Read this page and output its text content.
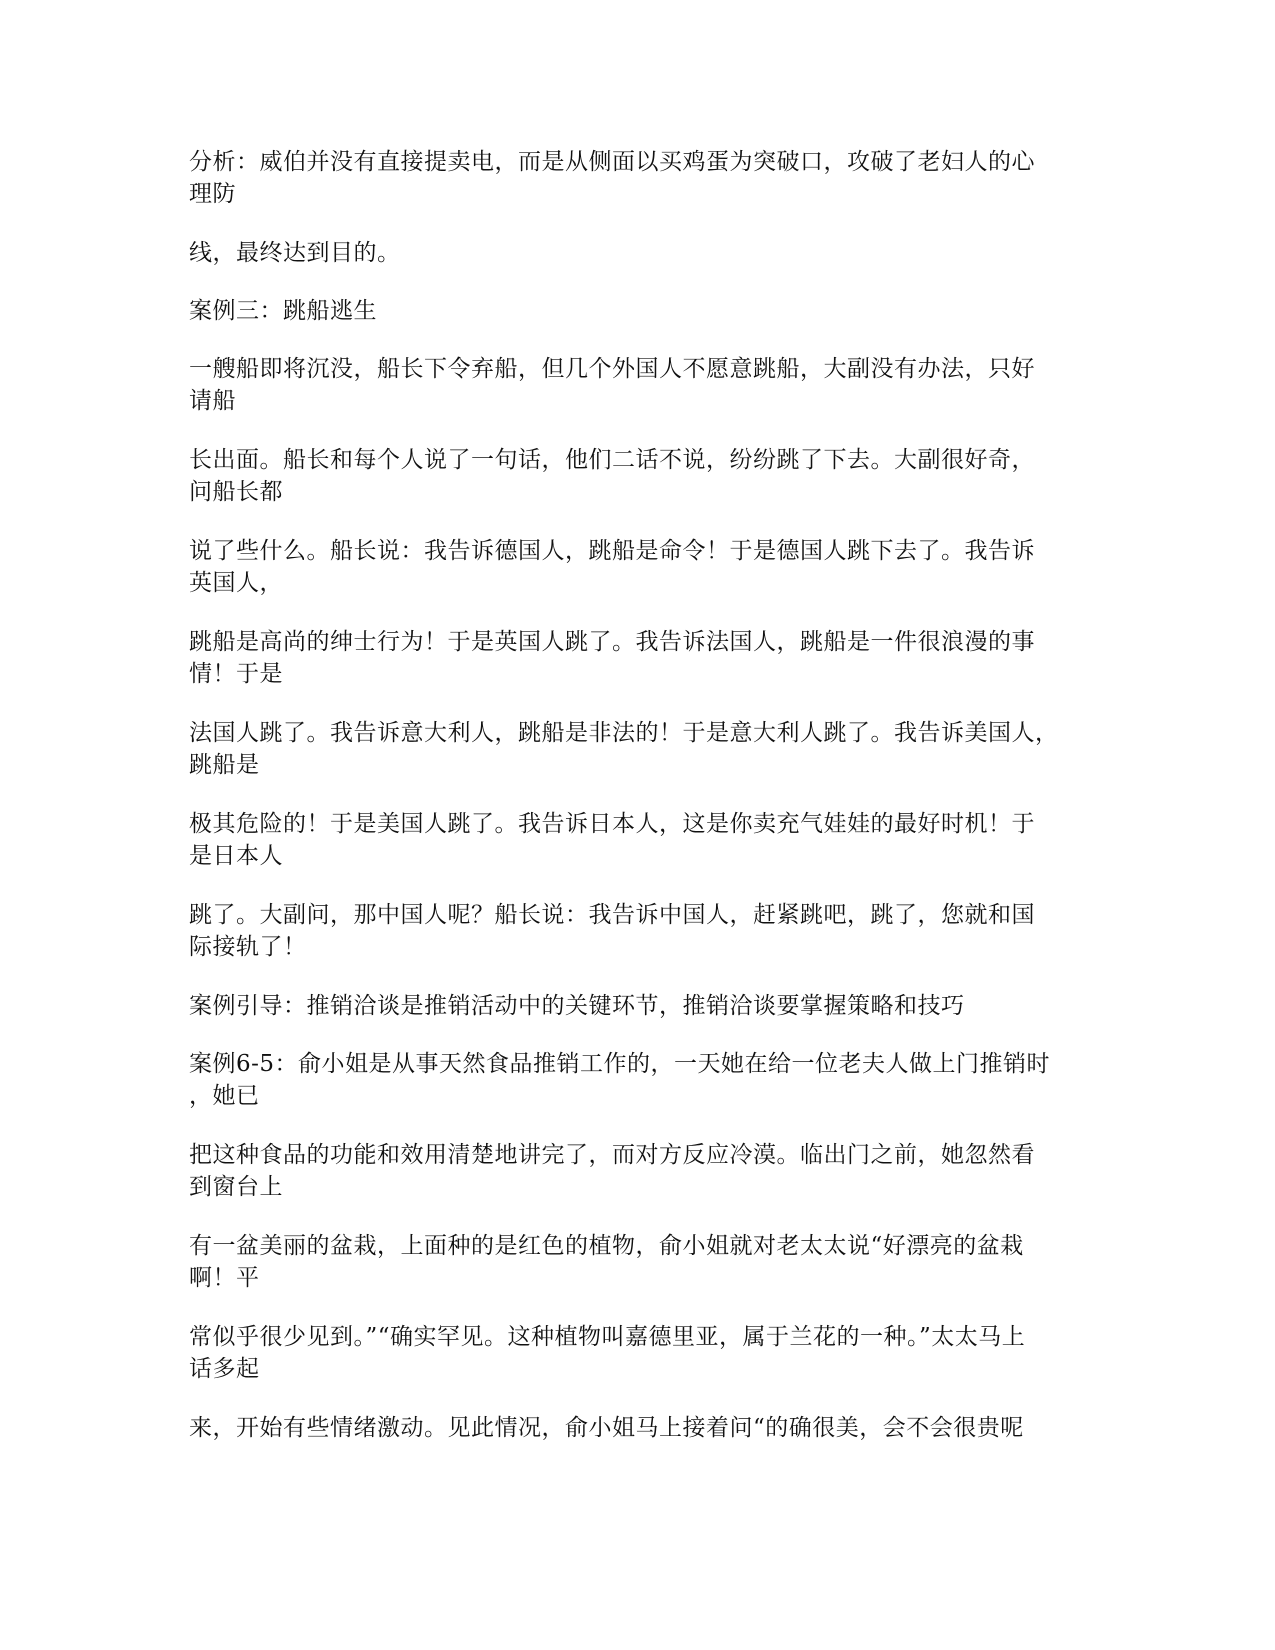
分析：威伯并没有直接提卖电，而是从侧面以买鸡蛋为突破口，攻破了老妇人的心
理防

线，最终达到目的。

案例三：跳船逃生

一艘船即将沉没，船长下令弃船，但几个外国人不愿意跳船，大副没有办法，只好
请船

长出面。船长和每个人说了一句话，他们二话不说，纷纷跳了下去。大副很好奇，
问船长都

说了些什么。船长说：我告诉德国人，跳船是命令！于是德国人跳下去了。我告诉
英国人，

跳船是高尚的绅士行为！于是英国人跳了。我告诉法国人，跳船是一件很浪漫的事
情！于是

法国人跳了。我告诉意大利人，跳船是非法的！于是意大利人跳了。我告诉美国人，
跳船是

极其危险的！于是美国人跳了。我告诉日本人，这是你卖充气娃娃的最好时机！于
是日本人

跳了。大副问，那中国人呢？船长说：我告诉中国人，赶紧跳吧，跳了，您就和国
际接轨了！

案例引导：推销洽谈是推销活动中的关键环节，推销洽谈要掌握策略和技巧

案例6-5：俞小姐是从事天然食品推销工作的，一天她在给一位老夫人做上门推销时
，她已

把这种食品的功能和效用清楚地讲完了，而对方反应冷漠。临出门之前，她忽然看
到窗台上

有一盆美丽的盆栽，上面种的是红色的植物，俞小姐就对老太太说“好漂亮的盆栽
啊！平

常似乎很少见到。”“确实罕见。这种植物叫嘉德里亚，属于兰花的一种。”太太马上
话多起

来，开始有些情绪激动。见此情况，俞小姐马上接着问“的确很美，会不会很贵呢
